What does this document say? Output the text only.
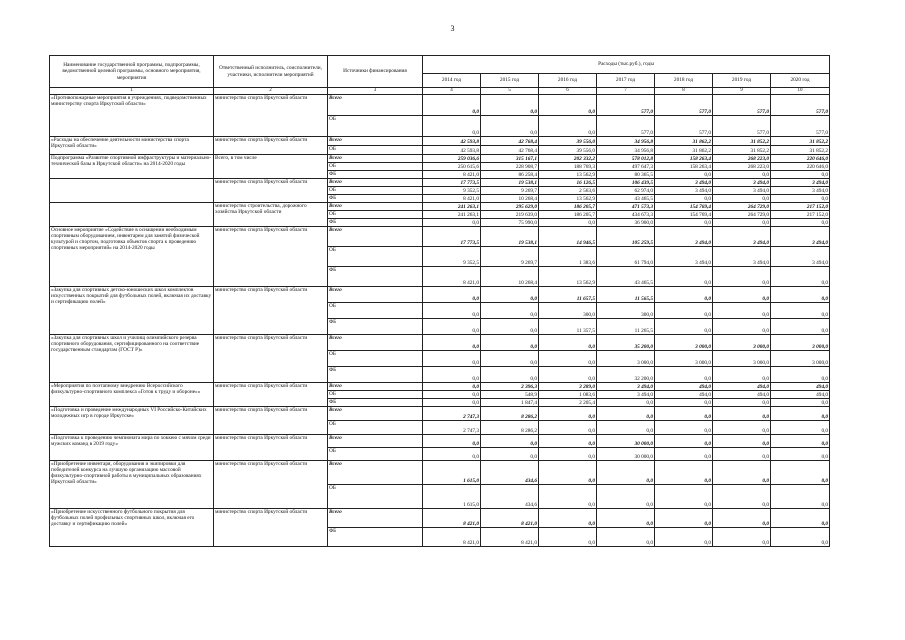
3
Наименование государственной программы, подпрограммы, ведомственной целевой программы, основного мероприятия, мероприятия	Ответственный исполнитель, соисполнители, участники, исполнители мероприятий	Источники финансирования	Расходы (тыс.руб.), годы						
			2014 год	2015 год	2016 год	2017 год	2018 год	2019 год	2020 год
1	2	3	4	5	6	7	8	9	10
«Противопожарные мероприятия в учреждениях, подведомственных министерству спорта Иркутской области»	министерство спорта Иркутской области	Всего	0,0	0,0	0,0	577,0	577,0	577,0	577,0
		ОБ	0,0	0,0	0,0	577,0	577,0	577,0	577,0
«Расходы на обеспечение деятельности министерства спорта Иркутской области»	министерство спорта Иркутской области	Всего	42 593,8	42 768,4	39 556,0	34 956,8	31 862,2	31 852,2	31 852,2
		ОБ	42 593,8	42 768,4	39 556,0	34 956,8	31 862,2	31 852,2	31 852,2
Подпрограмма «Развитие спортивной инфраструктуры и материально-технической базы в Иркутской области» на 2014-2020 годы	Всего, в том числе	Всего	259 036,6	315 167,1	202 332,2	578 012,8	158 263,4	268 223,0	220 646,0
		ОБ	250 615,6	228 908,7	188 769,3	497 647,3	158 263,4	268 223,0	220 646,0
		ФБ	8 421,0	86 258,4	13 562,9	80 365,5	0,0	0,0	0,0
	министерство спорта Иркутской области	Всего	17 773,5	19 538,1	16 126,5	106 439,5	3 494,0	3 494,0	3 494,0
		ОБ	9 352,5	9 269,7	2 563,6	62 974,0	3 494,0	3 494,0	3 494,0
		ФБ	8 421,0	10 268,4	13 562,9	43 465,5	0,0	0,0	0,0
	министерство строительства, дорожного хозяйства Иркутской области	Всего	241 263,1	295 629,0	186 205,7	471 573,3	154 769,4	264 729,0	217 152,0
		ОБ	241 263,1	219 639,0	186 205,7	434 673,3	154 769,4	264 729,0	217 152,0
		ФБ	0,0	75 990,0	0,0	36 900,0	0,0	0,0	0,0
Основное мероприятие «Содействие в оснащении необходимым спортивным оборудованием, инвентарем для занятий физической культурой и спортом, подготовка объектов спорта к проведению спортивных мероприятий» на 2014-2020 годы	министерство спорта Иркутской области	Всего	17 773,5	19 538,1	14 946,5	105 259,5	3 494,0	3 494,0	3 494,0
		ОБ	9 352,5	9 269,7	1 383,6	61 794,0	3 494,0	3 494,0	3 494,0
		ФБ	8 421,0	10 268,4	13 562,9	43 465,5	0,0	0,0	0,0
«Закупка для спортивных детско-юношеских школ комплектов искусственных покрытий для футбольных полей, включая их доставку и сертификацию полей»	министерство спорта Иркутской области	Всего	0,0	0,0	11 657,5	11 565,5	0,0	0,0	0,0
		ОБ	0,0	0,0	300,0	300,0	0,0	0,0	0,0
		ФБ	0,0	0,0	11 357,5	11 265,5	0,0	0,0	0,0
«Закупка для спортивных школ и училищ олимпийского резерва спортивного оборудования, сертифицированного на соответствие государственным стандартам (ГОСТ Р)»	министерство спорта Иркутской области	Всего	0,0	0,0	0,0	35 200,0	3 000,0	3 000,0	3 000,0
		ОБ	0,0	0,0	0,0	3 000,0	3 000,0	3 000,0	3 000,0
		ФБ	0,0	0,0	0,0	32 200,0	0,0	0,0	0,0
«Мероприятия по поэтапному внедрению Всероссийского физкультурно-спортивного комплекса «Готов к труду и обороне»»	министерство спорта Иркутской области	Всего	0,0	2 396,3	3 289,0	3 494,0	494,0	494,0	494,0
		ОБ	0,0	548,9	1 083,6	3 494,0	494,0	494,0	494,0
		ФБ	0,0	1 847,4	2 205,4	0,0	0,0	0,0	0,0
«Подготовка и проведение международных VI Российско-Китайских молодежных игр в городе Иркутске»	министерство спорта Иркутской области	Всего	2 747,3	8 286,2	0,0	0,0	0,0	0,0	0,0
		ОБ	2 747,3	8 286,2	0,0	0,0	0,0	0,0	0,0
«Подготовка к проведению чемпионата мира по хоккею с мячом среди мужских команд в 2019 году»	министерство спорта Иркутской области	Всего	0,0	0,0	0,0	30 000,0	0,0	0,0	0,0
		ОБ	0,0	0,0	0,0	30 000,0	0,0	0,0	0,0
«Приобретение инвентаря, оборудования и экипировки для победителей конкурса на лучшую организацию массовой физкультурно-спортивной работы в муниципальных образованиях Иркутской области»	министерство спорта Иркутской области	Всего	1 615,0	434,6	0,0	0,0	0,0	0,0	0,0
		ОБ	1 615,0	434,6	0,0	0,0	0,0	0,0	0,0
«Приобретение искусственного футбольного покрытия для футбольных полей профильных спортивных школ, включая его доставку и сертификацию полей»	министерство спорта Иркутской области	Всего	8 421,0	8 421,0	0,0	0,0	0,0	0,0	0,0
		ФБ	8 421,0	8 421,0	0,0	0,0	0,0	0,0	0,0
